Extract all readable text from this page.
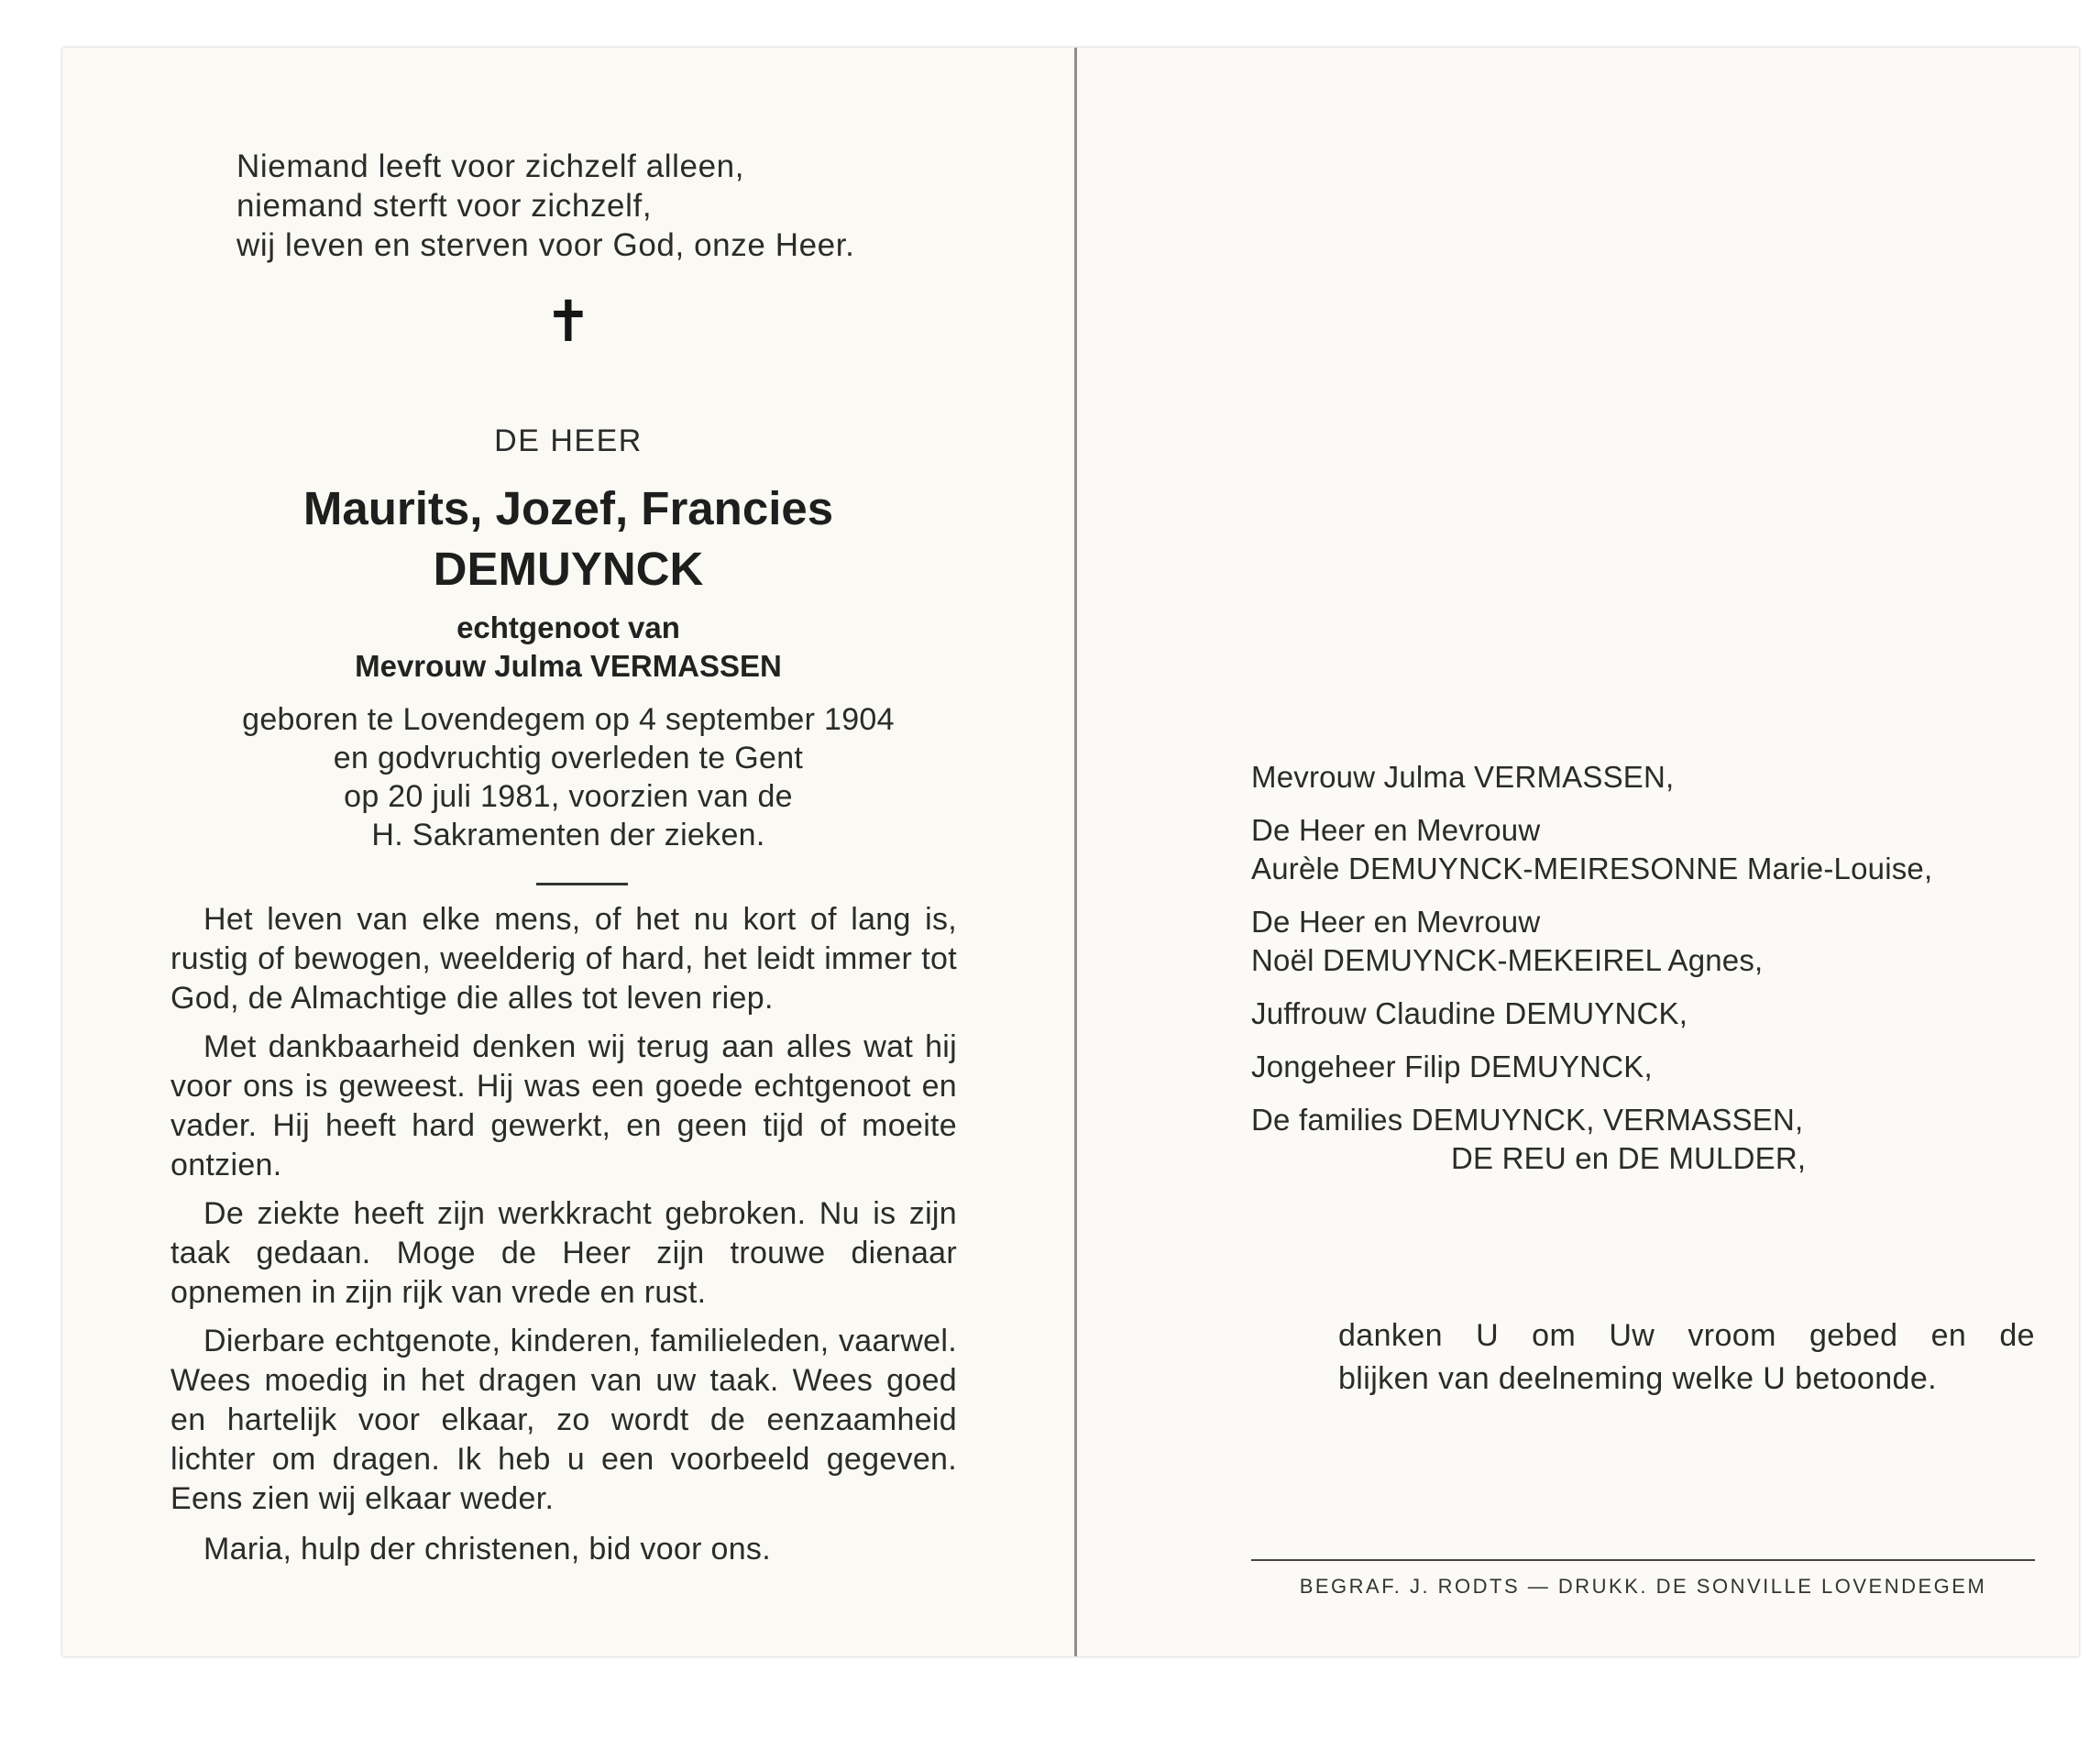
Niemand leeft voor zichzelf alleen,
niemand sterft voor zichzelf,
wij leven en sterven voor God, onze Heer.
✝
DE HEER
Maurits, Jozef, Francies
DEMUYNCK
echtgenoot van
Mevrouw Julma VERMASSEN
geboren te Lovendegem op 4 september 1904
en godvruchtig overleden te Gent
op 20 juli 1981, voorzien van de
H. Sakramenten der zieken.

Het leven van elke mens, of het nu kort of lang is, rustig of bewogen, weelderig of hard, het leidt immer tot God, de Almachtige die alles tot leven riep.

Met dankbaarheid denken wij terug aan alles wat hij voor ons is geweest. Hij was een goede echtgenoot en vader. Hij heeft hard gewerkt, en geen tijd of moeite ontzien.

De ziekte heeft zijn werkkracht gebroken. Nu is zijn taak gedaan. Moge de Heer zijn trouwe dienaar opnemen in zijn rijk van vrede en rust.

Dierbare echtgenote, kinderen, familieleden, vaarwel. Wees moedig in het dragen van uw taak. Wees goed en hartelijk voor elkaar, zo wordt de eenzaamheid lichter om dragen. Ik heb u een voorbeeld gegeven. Eens zien wij elkaar weder.

Maria, hulp der christenen, bid voor ons.

Mevrouw Julma VERMASSEN,
De Heer en Mevrouw
Aurèle DEMUYNCK-MEIRESONNE Marie-Louise,
De Heer en Mevrouw
Noël DEMUYNCK-MEKEIREL Agnes,
Juffrouw Claudine DEMUYNCK,
Jongeheer Filip DEMUYNCK,
De families DEMUYNCK, VERMASSEN,
DE REU en DE MULDER,
danken U om Uw vroom gebed en de
blijken van deelneming welke U betoonde.
BEGRAF. J. RODTS — DRUKK. DE SONVILLE LOVENDEGEM
